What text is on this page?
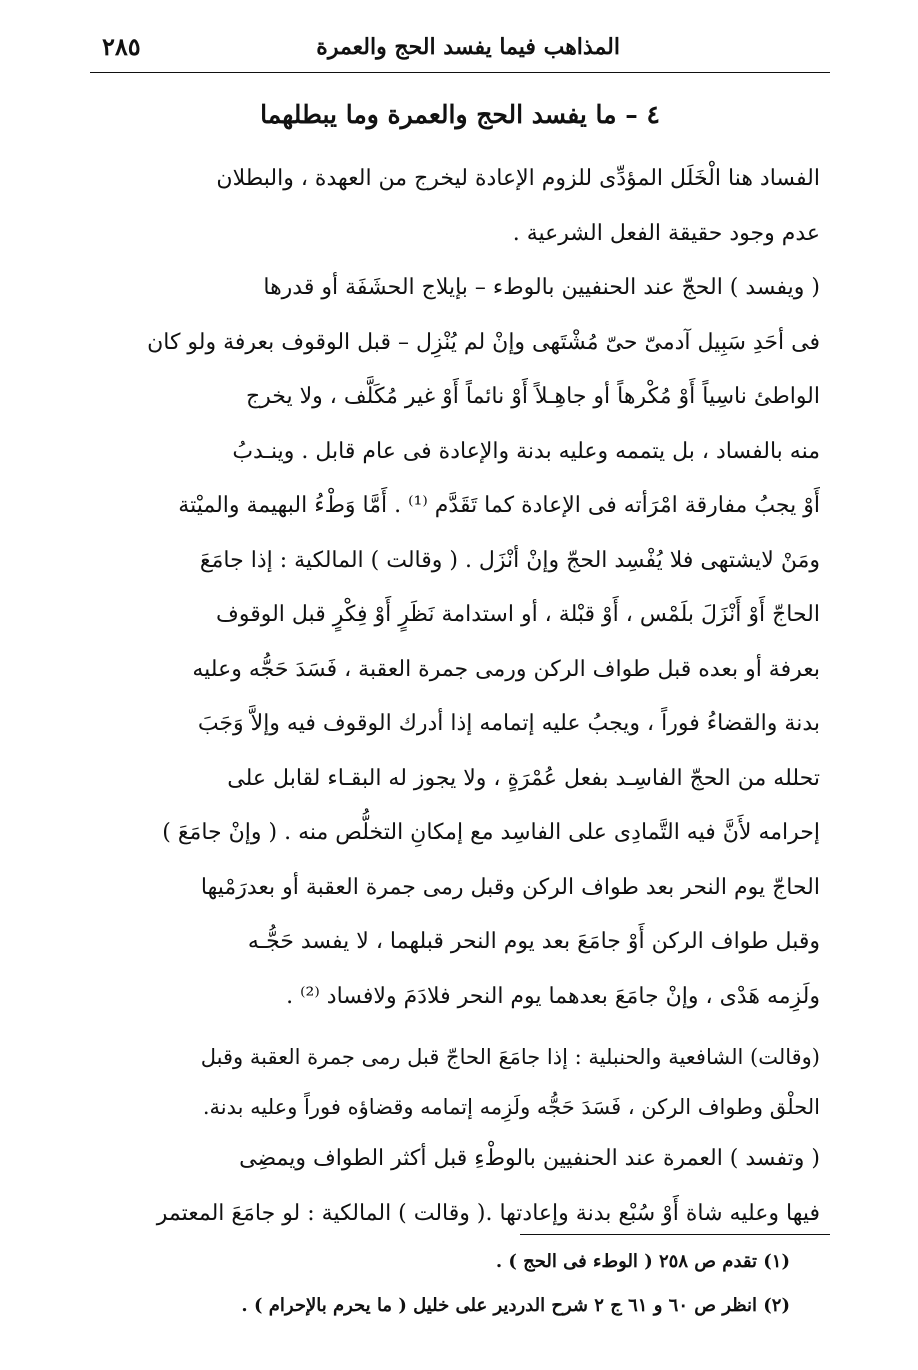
المذاهب فيما يفسد الحج والعمرة
٢٨٥
٤ – ما يفسد الحج والعمرة وما يبطلهما
الفساد هنا الْخَلَل المؤدِّى للزوم الإعادة ليخرج من العهدة ، والبطلان
عدم وجود حقيقة الفعل الشرعية .
( ويفسد ) الحجّ عند الحنفيين بالوطء – بإيلاج الحشَفَة أو قدرها
فى أحَدِ سَبِيل آدمىّ حىّ مُشْتَهى وإنْ لم يُنْزِل – قبل الوقوف بعرفة ولو كان
الواطئ ناسِياً أَوْ مُكْرهاً أو جاهِـلاً أَوْ نائماً أَوْ غير مُكَلَّف ، ولا يخرج
منه بالفساد ، بل يتممه وعليه بدنة والإعادة فى عام قابل . وينـدبُ
أَوْ يجبُ مفارقة امْرَأته فى الإعادة كما تَقَدَّم ⁽¹⁾ . أَمَّا وَطْءُ البهيمة والميْتة
ومَنْ لايشتهى فلا يُفْسِد الحجّ وإنْ أنْزَل . ( وقالت ) المالكية : إذا جامَعَ
الحاجّ أَوْ أَنْزَلَ بلَمْس ، أَوْ قبْلة ، أو استدامة نَظَرٍ أَوْ فِكْرٍ قبل الوقوف
بعرفة أو بعده قبل طواف الركن ورمى جمرة العقبة ، فَسَدَ حَجُّه وعليه
بدنة والقضاءُ فوراً ، ويجبُ عليه إتمامه إذا أدرك الوقوف فيه وإلاَّ وَجَبَ
تحلله من الحجّ الفاسِـد بفعل عُمْرَةٍ ، ولا يجوز له البقـاء لقابل على
إحرامه لأَنَّ فيه التَّمادِى على الفاسِد مع إمكانِ التخلُّص منه . ( وإنْ جامَعَ )
الحاجّ يوم النحر بعد طواف الركن وقبل رمى جمرة العقبة أو بعدرَمْيها
وقبل طواف الركن أَوْ جامَعَ بعد يوم النحر قبلهما ، لا يفسد حَجُّـه
ولَزِمه هَدْى ، وإنْ جامَعَ بعدهما يوم النحر فلادَمَ ولافساد ⁽²⁾ .
(وقالت) الشافعية والحنبلية : إذا جامَعَ الحاجّ قبل رمى جمرة العقبة وقبل
الحلْق وطواف الركن ، فَسَدَ حَجُّه ولَزِمه إتمامه وقضاؤه فوراً وعليه بدنة.
( وتفسد ) العمرة عند الحنفيين بالوطْءِ قبل أكثر الطواف ويمضِى
فيها وعليه شاة أَوْ سُبْع بدنة وإعادتها .( وقالت ) المالكية : لو جامَعَ المعتمر
(١) تقدم ص ٢٥٨ ( الوطء فى الحج ) .
(٢) انظر ص ٦٠ و ٦١ ج ٢ شرح الدردير على خليل ( ما يحرم بالإحرام ) .
